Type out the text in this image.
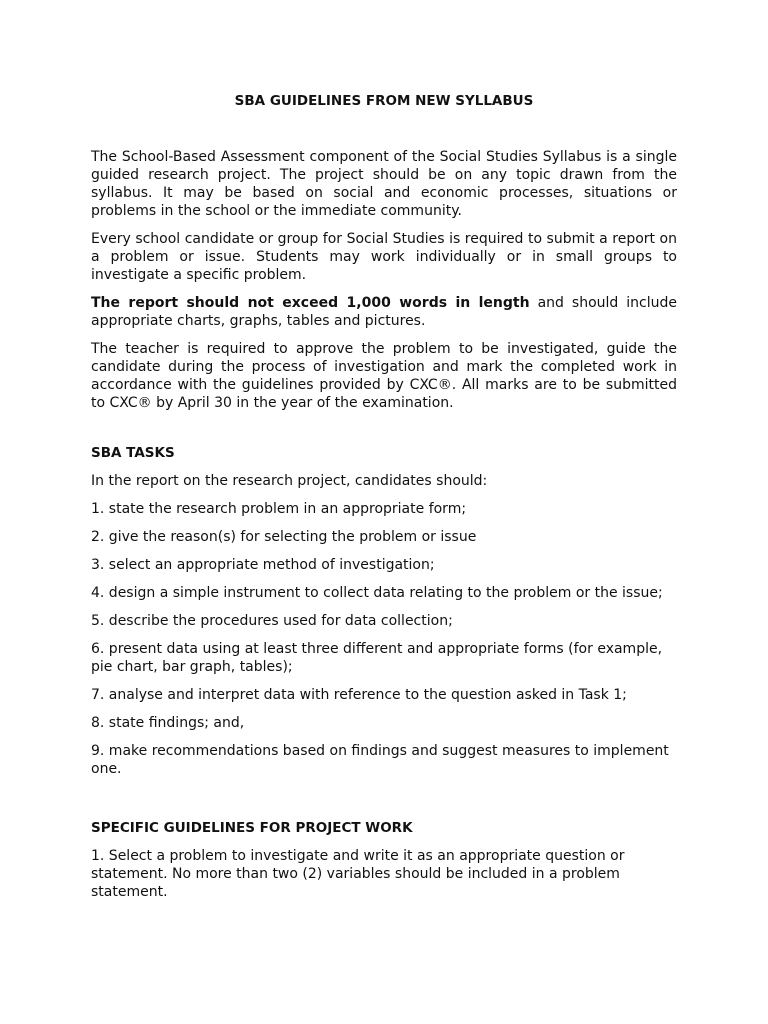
SBA GUIDELINES FROM NEW SYLLABUS

The School-Based Assessment component of the Social Studies Syllabus is a single guided research project. The project should be on any topic drawn from the syllabus. It may be based on social and economic processes, situations or problems in the school or the immediate community.

Every school candidate or group for Social Studies is required to submit a report on a problem or issue. Students may work individually or in small groups to investigate a specific problem.

The report should not exceed 1,000 words in length and should include appropriate charts, graphs, tables and pictures.

The teacher is required to approve the problem to be investigated, guide the candidate during the process of investigation and mark the completed work in accordance with the guidelines provided by CXC®. All marks are to be submitted to CXC® by April 30 in the year of the examination.

SBA TASKS

In the report on the research project, candidates should:

1. state the research problem in an appropriate form;

2. give the reason(s) for selecting the problem or issue

3. select an appropriate method of investigation;

4. design a simple instrument to collect data relating to the problem or the issue;

5. describe the procedures used for data collection;

6. present data using at least three different and appropriate forms (for example, pie chart, bar graph, tables);

7. analyse and interpret data with reference to the question asked in Task 1;

8. state findings; and,

9. make recommendations based on findings and suggest measures to implement one.

SPECIFIC GUIDELINES FOR PROJECT WORK

1. Select a problem to investigate and write it as an appropriate question or statement. No more than two (2) variables should be included in a problem statement.
